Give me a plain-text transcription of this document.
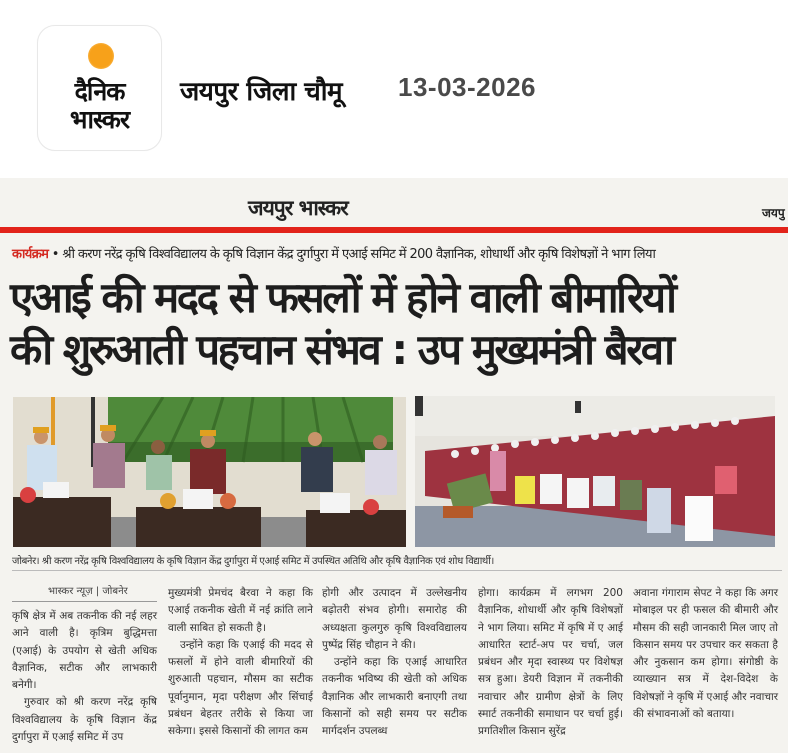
दैनिक
भास्कर
जयपुर जिला चौमू 13-03-2026
जयपुर भास्कर	जयपु
कार्यक्रम • श्री करण नरेंद्र कृषि विश्वविद्यालय के कृषि विज्ञान केंद्र दुर्गापुरा में एआई समिट में 200 वैज्ञानिक, शोधार्थी और कृषि विशेषज्ञों ने भाग लिया
एआई की मदद से फसलों में होने वाली बीमारियों
की शुरुआती पहचान संभव : उप मुख्यमंत्री बैरवा
जोबनेर। श्री करण नरेंद्र कृषि विश्वविद्यालय के कृषि विज्ञान केंद्र दुर्गापुरा में एआई समिट में उपस्थित अतिथि और कृषि वैज्ञानिक एवं शोध विद्यार्थी।
भास्कर न्यूज़ | जोबनेर

कृषि क्षेत्र में अब तकनीक की नई लहर आने वाली है। कृत्रिम बुद्धिमत्ता (एआई) के उपयोग से खेती अधिक वैज्ञानिक, सटीक और लाभकारी बनेगी।

गुरुवार को श्री करण नरेंद्र कृषि विश्वविद्यालय के कृषि विज्ञान केंद्र दुर्गापुरा में एआई समिट में उप

मुख्यमंत्री प्रेमचंद बैरवा ने कहा कि एआई तकनीक खेती में नई क्रांति लाने वाली साबित हो सकती है।

उन्होंने कहा कि एआई की मदद से फसलों में होने वाली बीमारियों की शुरुआती पहचान, मौसम का सटीक पूर्वानुमान, मृदा परीक्षण और सिंचाई प्रबंधन बेहतर तरीके से किया जा सकेगा। इससे किसानों की लागत कम

होगी और उत्पादन में उल्लेखनीय बढ़ोतरी संभव होगी। समारोह की अध्यक्षता कुलगुरु कृषि विश्वविद्यालय पुष्पेंद्र सिंह चौहान ने की।

उन्होंने कहा कि एआई आधारित तकनीक भविष्य की खेती को अधिक वैज्ञानिक और लाभकारी बनाएगी तथा किसानों को सही समय पर सटीक मार्गदर्शन उपलब्ध

होगा। कार्यक्रम में लगभग 200 वैज्ञानिक, शोधार्थी और कृषि विशेषज्ञों ने भाग लिया। समिट में कृषि में ए आई आधारित स्टार्ट-अप पर चर्चा, जल प्रबंधन और मृदा स्वास्थ्य पर विशेषज्ञ सत्र हुआ। डेयरी विज्ञान में तकनीकी नवाचार और ग्रामीण क्षेत्रों के लिए स्मार्ट तकनीकी समाधान पर चर्चा हुई। प्रगतिशील किसान सुरेंद्र

अवाना गंगाराम सेपट ने कहा कि अगर मोबाइल पर ही फसल की बीमारी और मौसम की सही जानकारी मिल जाए तो किसान समय पर उपचार कर सकता है और नुकसान कम होगा। संगोष्ठी के व्याख्यान सत्र में देश-विदेश के विशेषज्ञों ने कृषि में एआई और नवाचार की संभावनाओं को बताया।
